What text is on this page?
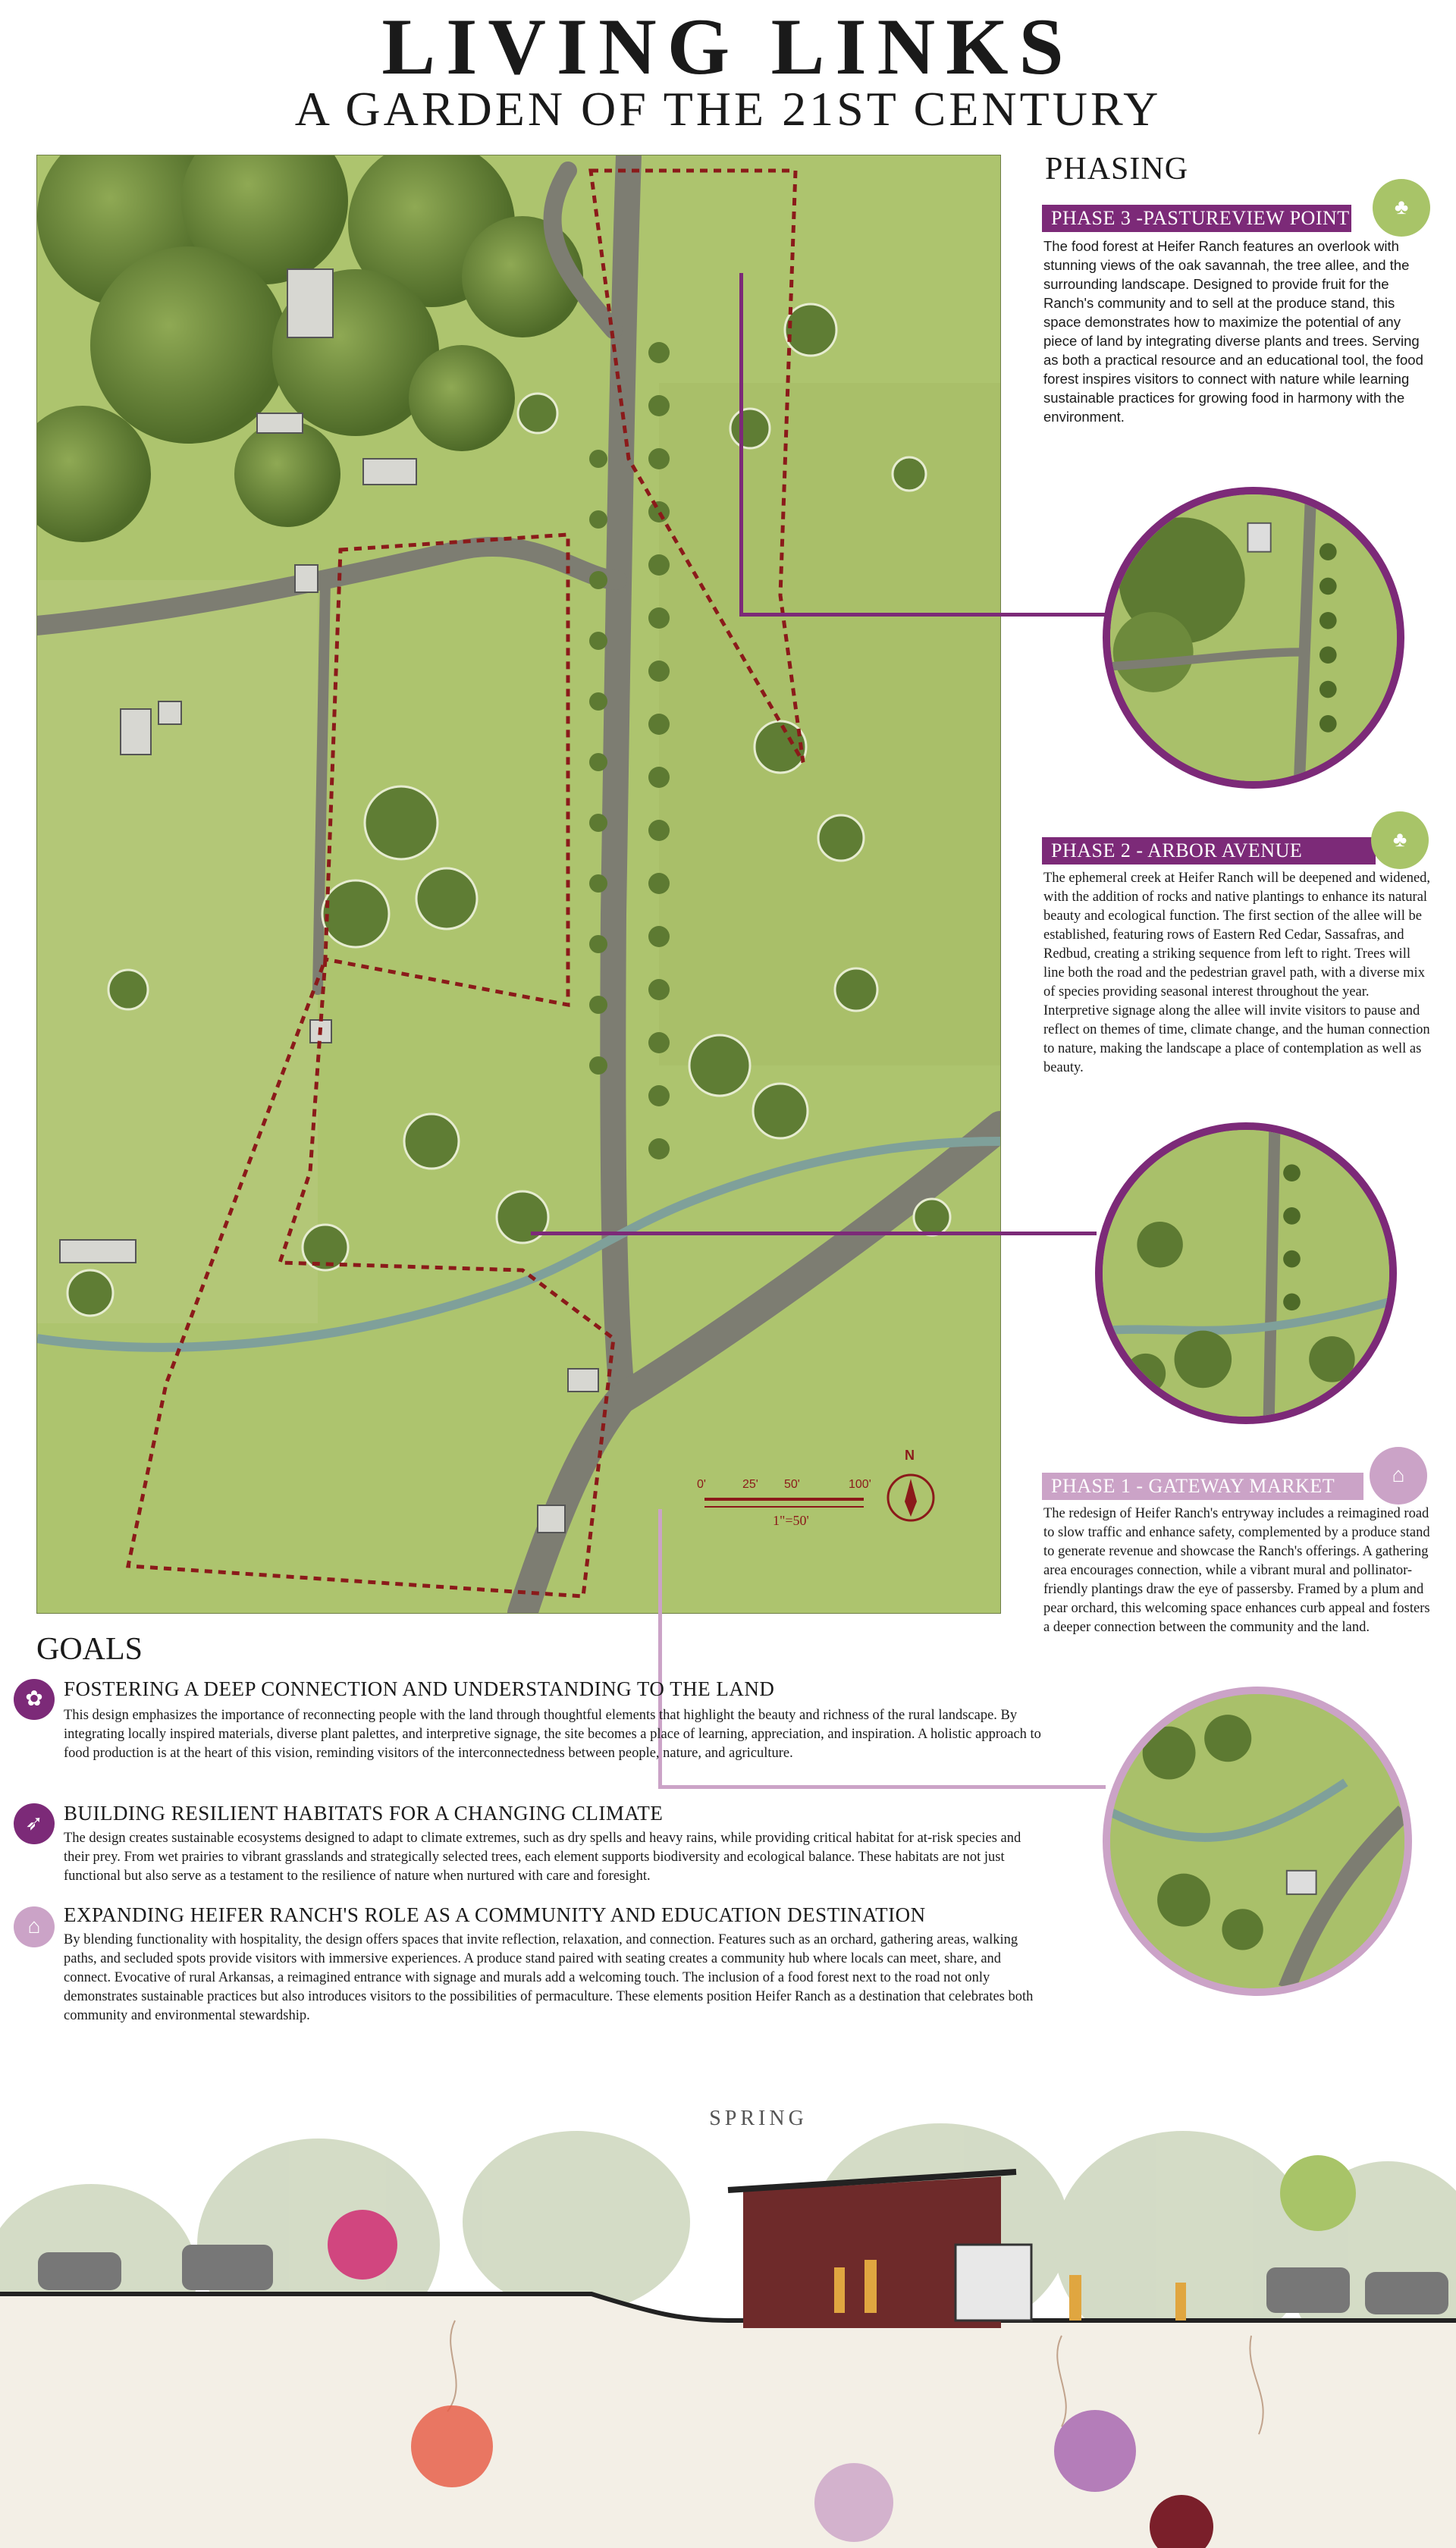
LIVING LINKS
A GARDEN OF THE 21ST CENTURY
0'	25' 50'	100'
1"=50'
N
PHASING
PHASE 3 -PASTUREVIEW POINT	♣
The food forest at Heifer Ranch features an overlook with stunning views of the oak savannah, the tree allee, and the surrounding landscape. Designed to provide fruit for the Ranch's community and to sell at the produce stand, this space demonstrates how to maximize the potential of any piece of land by integrating diverse plants and trees. Serving as both a practical resource and an educational tool, the food forest inspires visitors to connect with nature while learning sustainable practices for growing food in harmony with the environment.
PHASE 2 - ARBOR AVENUE	♣
The ephemeral creek at Heifer Ranch will be deepened and widened, with the addition of rocks and native plantings to enhance its natural beauty and ecological function. The first section of the allee will be established, featuring rows of Eastern Red Cedar, Sassafras, and Redbud, creating a striking sequence from left to right. Trees will line both the road and the pedestrian gravel path, with a diverse mix of species providing seasonal interest throughout the year. Interpretive signage along the allee will invite visitors to pause and reflect on themes of time, climate change, and the human connection to nature, making the landscape a place of contemplation as well as beauty.
PHASE 1 - GATEWAY MARKET	⌂
The redesign of Heifer Ranch's entryway includes a reimagined road to slow traffic and enhance safety, complemented by a produce stand to generate revenue and showcase the Ranch's offerings. A gathering area encourages connection, while a vibrant mural and pollinator-friendly plantings draw the eye of passersby. Framed by a plum and pear orchard, this welcoming space enhances curb appeal and fosters a deeper connection between the community and the land.
GOALS
✿	FOSTERING A DEEP CONNECTION AND UNDERSTANDING TO THE LAND
This design emphasizes the importance of reconnecting people with the land through thoughtful elements that highlight the beauty and richness of the rural landscape. By integrating locally inspired materials, diverse plant palettes, and interpretive signage, the site becomes a place of learning, appreciation, and inspiration. A holistic approach to food production is at the heart of this vision, reminding visitors of the interconnectedness between people, nature, and agriculture.
➶	BUILDING RESILIENT HABITATS FOR A CHANGING CLIMATE
The design creates sustainable ecosystems designed to adapt to climate extremes, such as dry spells and heavy rains, while providing critical habitat for at-risk species and their prey. From wet prairies to vibrant grasslands and strategically selected trees, each element supports biodiversity and ecological balance. These habitats are not just functional but also serve as a testament to the resilience of nature when nurtured with care and foresight.
⌂	EXPANDING HEIFER RANCH'S ROLE AS A COMMUNITY AND EDUCATION DESTINATION
By blending functionality with hospitality, the design offers spaces that invite reflection, relaxation, and connection. Features such as an orchard, gathering areas, walking paths, and secluded spots provide visitors with immersive experiences. A produce stand paired with seating creates a community hub where locals can meet, share, and connect. Evocative of rural Arkansas, a reimagined entrance with signage and murals add a welcoming touch. The inclusion of a food forest next to the road not only demonstrates sustainable practices but also introduces visitors to the possibilities of permaculture. These elements position Heifer Ranch as a destination that celebrates both community and environmental stewardship.
SPRING
